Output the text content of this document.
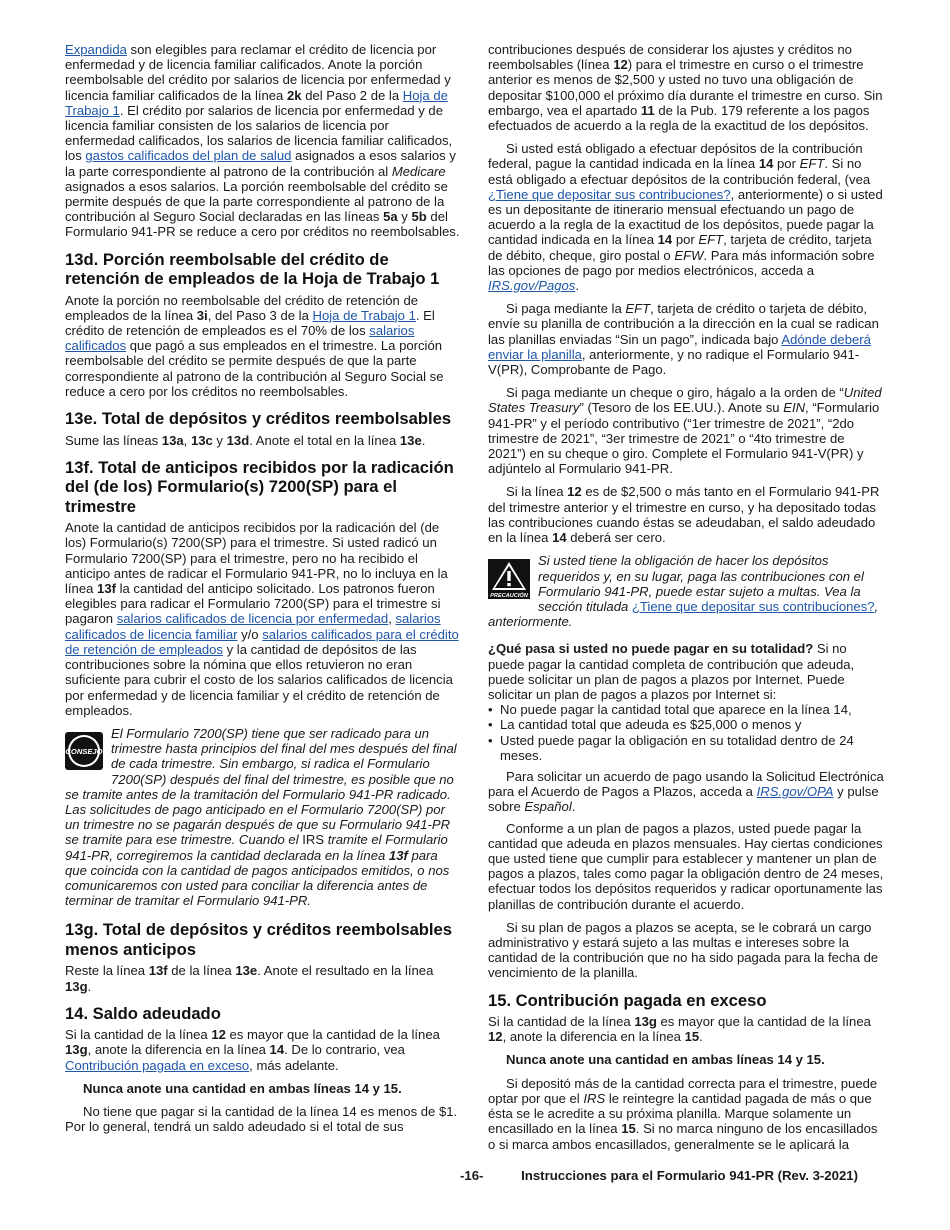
Expandida son elegibles para reclamar el crédito de licencia por enfermedad y de licencia familiar calificados. Anote la porción reembolsable del crédito por salarios de licencia por enfermedad y licencia familiar calificados de la línea 2k del Paso 2 de la Hoja de Trabajo 1. El crédito por salarios de licencia por enfermedad y de licencia familiar consisten de los salarios de licencia por enfermedad calificados, los salarios de licencia familiar calificados, los gastos calificados del plan de salud asignados a esos salarios y la parte correspondiente al patrono de la contribución al Medicare asignados a esos salarios. La porción reembolsable del crédito se permite después de que la parte correspondiente al patrono de la contribución al Seguro Social declaradas en las líneas 5a y 5b del Formulario 941-PR se reduce a cero por créditos no reembolsables.

13d. Porción reembolsable del crédito de retención de empleados de la Hoja de Trabajo 1

Anote la porción no reembolsable del crédito de retención de empleados de la línea 3i, del Paso 3 de la Hoja de Trabajo 1. El crédito de retención de empleados es el 70% de los salarios calificados que pagó a sus empleados en el trimestre. La porción reembolsable del crédito se permite después de que la parte correspondiente al patrono de la contribución al Seguro Social se reduce a cero por los créditos no reembolsables.

13e. Total de depósitos y créditos reembolsables

Sume las líneas 13a, 13c y 13d. Anote el total en la línea 13e.

13f. Total de anticipos recibidos por la radicación del (de los) Formulario(s) 7200(SP) para el trimestre

Anote la cantidad de anticipos recibidos por la radicación del (de los) Formulario(s) 7200(SP) para el trimestre. Si usted radicó un Formulario 7200(SP) para el trimestre, pero no ha recibido el anticipo antes de radicar el Formulario 941-PR, no lo incluya en la línea 13f la cantidad del anticipo solicitado. Los patronos fueron elegibles para radicar el Formulario 7200(SP) para el trimestre si pagaron salarios calificados de licencia por enfermedad, salarios calificados de licencia familiar y/o salarios calificados para el crédito de retención de empleados y la cantidad de depósitos de las contribuciones sobre la nómina que ellos retuvieron no eran suficiente para cubrir el costo de los salarios calificados de licencia por enfermedad y de licencia familiar y el crédito de retención de empleados.

CONSEJO
El Formulario 7200(SP) tiene que ser radicado para un trimestre hasta principios del final del mes después del final de cada trimestre. Sin embargo, si radica el Formulario 7200(SP) después del final del trimestre, es posible que no se tramite antes de la tramitación del Formulario 941-PR radicado. Las solicitudes de pago anticipado en el Formulario 7200(SP) por un trimestre no se pagarán después de que su Formulario 941-PR se tramite para ese trimestre. Cuando el IRS tramite el Formulario 941-PR, corregiremos la cantidad declarada en la línea 13f para que coincida con la cantidad de pagos anticipados emitidos, o nos comunicaremos con usted para conciliar la diferencia antes de terminar de tramitar el Formulario 941-PR.
13g. Total de depósitos y créditos reembolsables menos anticipos

Reste la línea 13f de la línea 13e. Anote el resultado en la línea 13g.

14. Saldo adeudado

Si la cantidad de la línea 12 es mayor que la cantidad de la línea 13g, anote la diferencia en la línea 14. De lo contrario, vea Contribución pagada en exceso, más adelante.

Nunca anote una cantidad en ambas líneas 14 y 15.

No tiene que pagar si la cantidad de la línea 14 es menos de $1. Por lo general, tendrá un saldo adeudado si el total de sus

contribuciones después de considerar los ajustes y créditos no reembolsables (línea 12) para el trimestre en curso o el trimestre anterior es menos de $2,500 y usted no tuvo una obligación de depositar $100,000 el próximo día durante el trimestre en curso. Sin embargo, vea el apartado 11 de la Pub. 179 referente a los pagos efectuados de acuerdo a la regla de la exactitud de los depósitos.

Si usted está obligado a efectuar depósitos de la contribución federal, pague la cantidad indicada en la línea 14 por EFT. Si no está obligado a efectuar depósitos de la contribución federal, (vea ¿Tiene que depositar sus contribuciones?, anteriormente) o si usted es un depositante de itinerario mensual efectuando un pago de acuerdo a la regla de la exactitud de los depósitos, puede pagar la cantidad indicada en la línea 14 por EFT, tarjeta de crédito, tarjeta de débito, cheque, giro postal o EFW. Para más información sobre las opciones de pago por medios electrónicos, acceda a IRS.gov/Pagos.

Si paga mediante la EFT, tarjeta de crédito o tarjeta de débito, envíe su planilla de contribución a la dirección en la cual se radican las planillas enviadas “Sin un pago”, indicada bajo Adónde deberá enviar la planilla, anteriormente, y no radique el Formulario 941-V(PR), Comprobante de Pago.

Si paga mediante un cheque o giro, hágalo a la orden de “United States Treasury” (Tesoro de los EE.UU.). Anote su EIN, “Formulario 941-PR” y el período contributivo (“1er trimestre de 2021”, “2do trimestre de 2021”, “3er trimestre de 2021” o “4to trimestre de 2021”) en su cheque o giro. Complete el Formulario 941-V(PR) y adjúntelo al Formulario 941-PR.

Si la línea 12 es de $2,500 o más tanto en el Formulario 941-PR del trimestre anterior y el trimestre en curso, y ha depositado todas las contribuciones cuando éstas se adeudaban, el saldo adeudado en la línea 14 deberá ser cero.

PRECAUCIÓN
Si usted tiene la obligación de hacer los depósitos requeridos y, en su lugar, paga las contribuciones con el Formulario 941-PR, puede estar sujeto a multas. Vea la sección titulada ¿Tiene que depositar sus contribuciones?, anteriormente.

¿Qué pasa si usted no puede pagar en su totalidad? Si no puede pagar la cantidad completa de contribución que adeuda, puede solicitar un plan de pagos a plazos por Internet. Puede solicitar un plan de pagos a plazos por Internet si:

• No puede pagar la cantidad total que aparece en la línea 14,
• La cantidad total que adeuda es $25,000 o menos y
• Usted puede pagar la obligación en su totalidad dentro de 24 meses.

Para solicitar un acuerdo de pago usando la Solicitud Electrónica para el Acuerdo de Pagos a Plazos, acceda a IRS.gov/OPA y pulse sobre Español.

Conforme a un plan de pagos a plazos, usted puede pagar la cantidad que adeuda en plazos mensuales. Hay ciertas condiciones que usted tiene que cumplir para establecer y mantener un plan de pagos a plazos, tales como pagar la obligación dentro de 24 meses, efectuar todos los depósitos requeridos y radicar oportunamente las planillas de contribución durante el acuerdo.

Si su plan de pagos a plazos se acepta, se le cobrará un cargo administrativo y estará sujeto a las multas e intereses sobre la cantidad de la contribución que no ha sido pagada para la fecha de vencimiento de la planilla.

15. Contribución pagada en exceso

Si la cantidad de la línea 13g es mayor que la cantidad de la línea 12, anote la diferencia en la línea 15.

Nunca anote una cantidad en ambas líneas 14 y 15.

Si depositó más de la cantidad correcta para el trimestre, puede optar por que el IRS le reintegre la cantidad pagada de más o que ésta se le acredite a su próxima planilla. Marque solamente un encasillado en la línea 15. Si no marca ninguno de los encasillados o si marca ambos encasillados, generalmente se le aplicará la

-16-	Instrucciones para el Formulario 941-PR (Rev. 3-2021)
